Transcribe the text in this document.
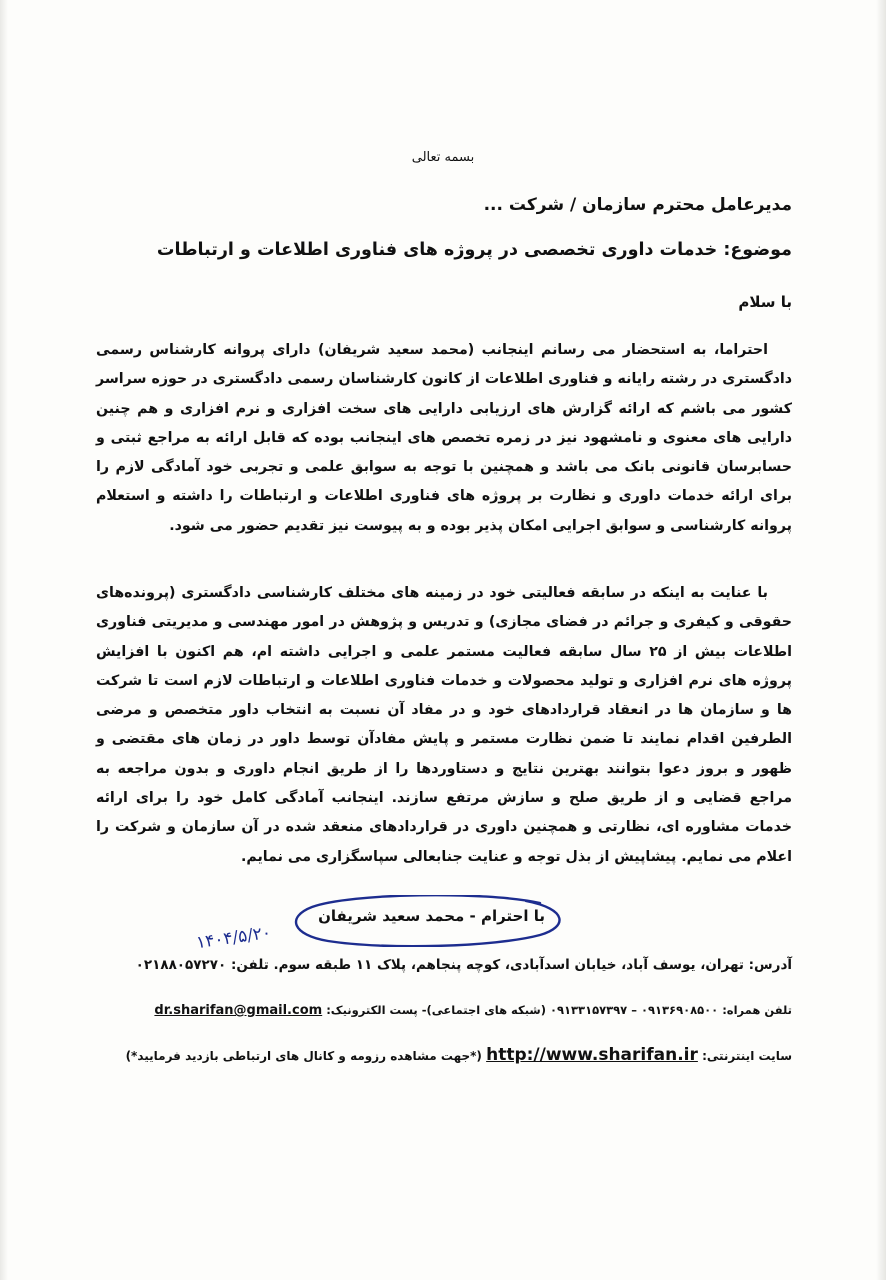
بسمه تعالی
مدیرعامل محترم سازمان / شرکت ...
موضوع: خدمات داوری تخصصی در پروژه های فناوری اطلاعات و ارتباطات
با سلام
احتراما، به استحضار می رسانم اینجانب (محمد سعید شریفان) دارای پروانه کارشناس رسمی دادگستری در رشته رایانه و فناوری اطلاعات از کانون کارشناسان رسمی دادگستری در حوزه سراسر کشور می باشم که ارائه گزارش های ارزیابی دارایی های سخت افزاری و نرم افزاری و هم چنین دارایی های معنوی و نامشهود نیز در زمره تخصص های اینجانب بوده که قابل ارائه به مراجع ثبتی و حسابرسان قانونی بانک می باشد و همچنین با توجه به سوابق علمی و تجربی خود آمادگی لازم را برای ارائه خدمات داوری و نظارت بر پروژه های فناوری اطلاعات و ارتباطات را داشته و استعلام پروانه کارشناسی و سوابق اجرایی امکان پذیر بوده و به پیوست نیز تقدیم حضور می شود.
با عنایت به اینکه در سابقه فعالیتی خود در زمینه های مختلف کارشناسی دادگستری (پرونده‌های حقوقی و کیفری و جرائم در فضای مجازی) و تدریس و پژوهش در امور مهندسی و مدیریتی فناوری اطلاعات بیش از ۲۵ سال سابقه فعالیت مستمر علمی و اجرایی داشته ام، هم اکنون با افزایش پروژه های نرم افزاری و تولید محصولات و خدمات فناوری اطلاعات و ارتباطات لازم است تا شرکت ها و سازمان ها در انعقاد قراردادهای خود و در مفاد آن نسبت به انتخاب داور متخصص و مرضی الطرفین اقدام نمایند تا ضمن نظارت مستمر و پایش مفادآن توسط داور در زمان های مقتضی و ظهور و بروز دعوا بتوانند بهترین نتایج و دستاوردها را از طریق انجام داوری و بدون مراجعه به مراجع قضایی و از طریق صلح و سازش مرتفع سازند. اینجانب آمادگی کامل خود را برای ارائه خدمات مشاوره ای، نظارتی و همچنین داوری در قراردادهای منعقد شده در آن سازمان و شرکت را اعلام می نمایم. پیشاپیش از بذل توجه و عنایت جنابعالی سپاسگزاری می نمایم.
با احترام - محمد سعید شریفان
۱۴۰۴/۵/۲۰
آدرس: تهران، یوسف آباد، خیابان اسدآبادی، کوچه پنجاهم، پلاک ۱۱ طبقه سوم. تلفن: ۰۲۱۸۸۰۵۷۲۷۰
تلفن همراه: ۰۹۱۳۶۹۰۸۵۰۰ – ۰۹۱۳۳۱۵۷۳۹۷ (شبکه های اجتماعی)- پست الکترونیک: dr.sharifan@gmail.com
سایت اینترنتی: http://www.sharifan.ir (*جهت مشاهده رزومه و کانال های ارتباطی بازدید فرمایید*)
